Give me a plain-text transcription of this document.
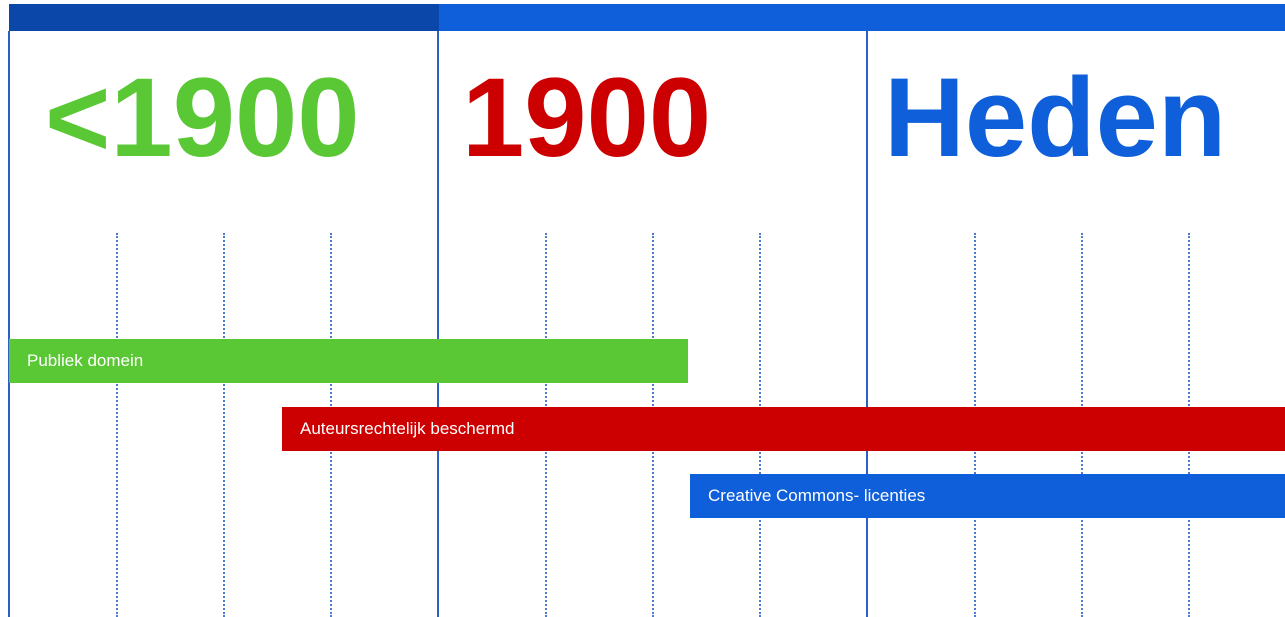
<1900 1900 Heden
Publiek domein
Auteursrechtelijk beschermd
Creative Commons- licenties
